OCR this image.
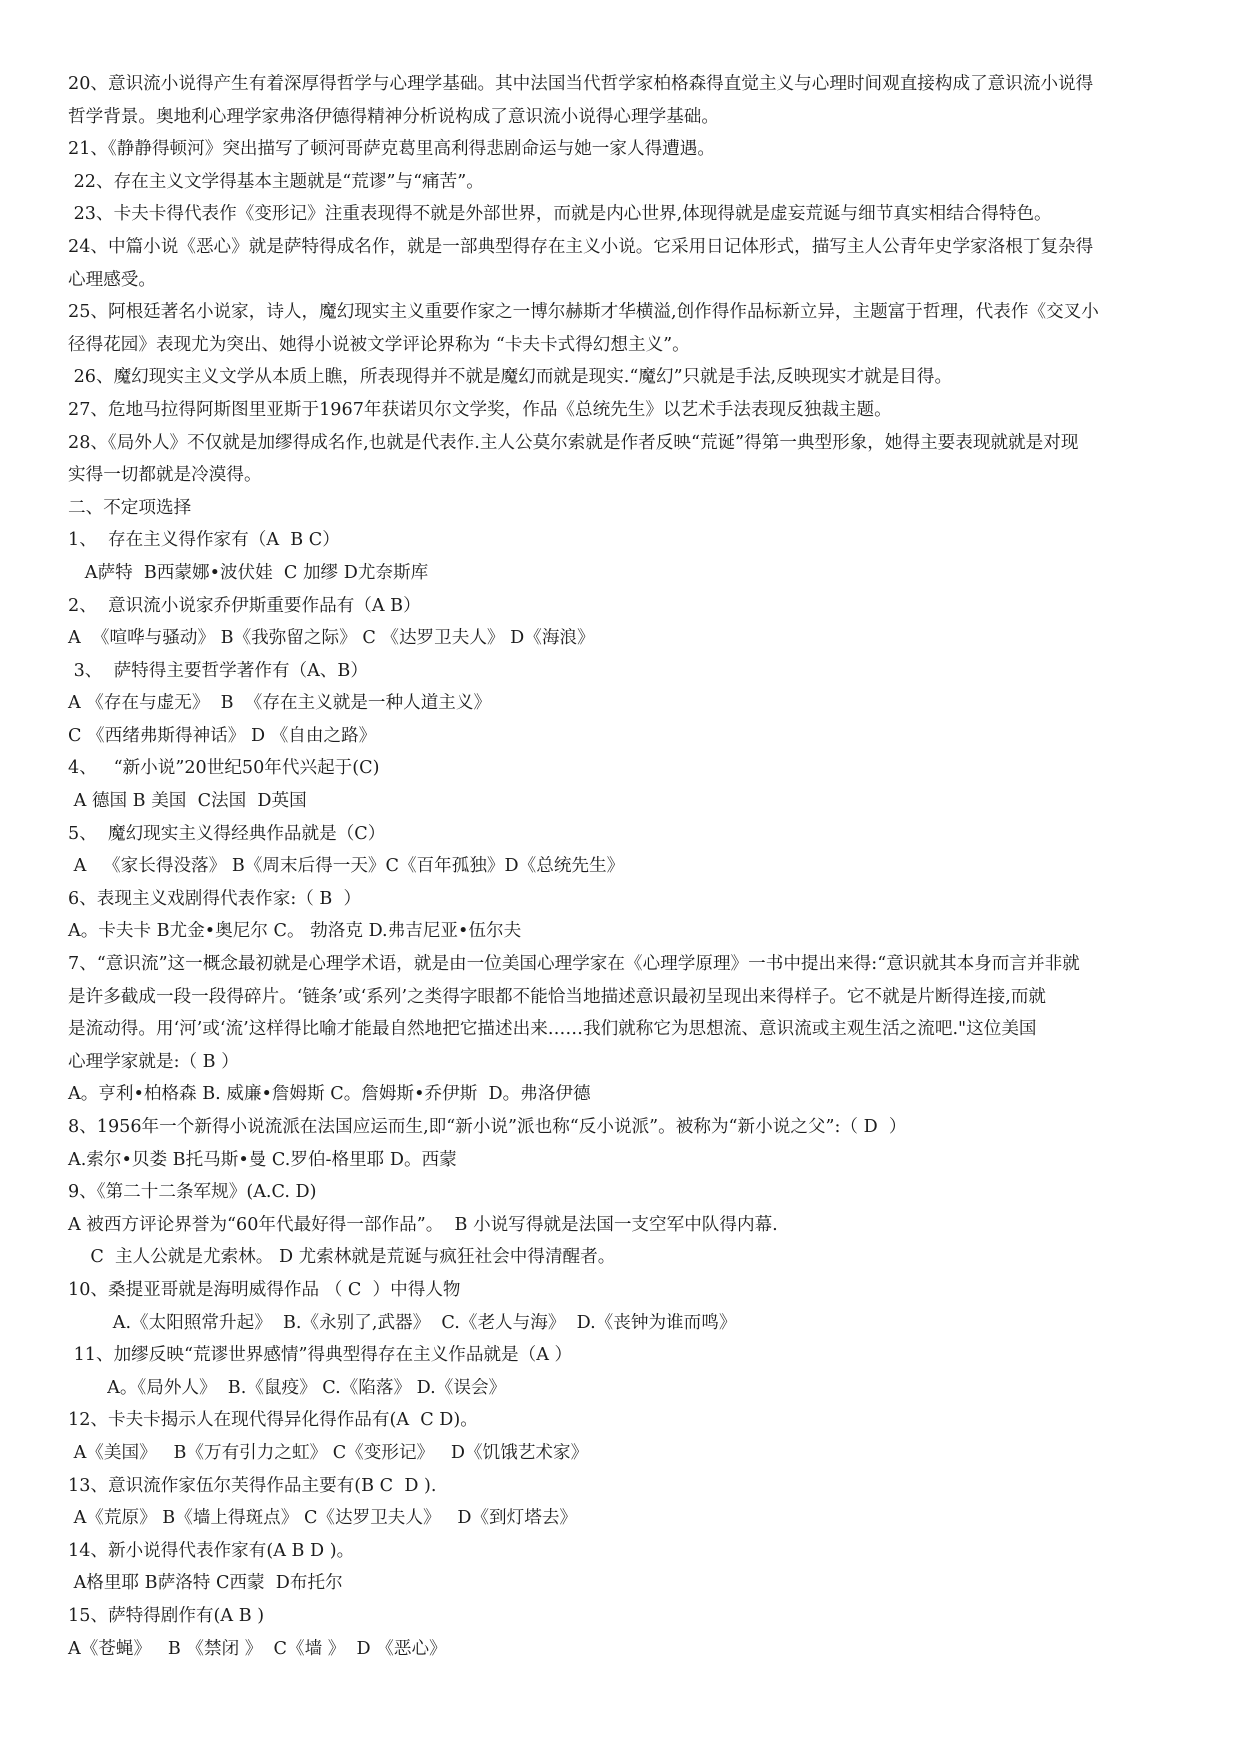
20、意识流小说得产生有着深厚得哲学与心理学基础。其中法国当代哲学家柏格森得直觉主义与心理时间观直接构成了意识流小说得

哲学背景。奥地利心理学家弗洛伊德得精神分析说构成了意识流小说得心理学基础。

21、《静静得顿河》突出描写了顿河哥萨克葛里高利得悲剧命运与她一家人得遭遇。

22、存在主义文学得基本主题就是“荒谬”与“痛苦”。

23、卡夫卡得代表作《变形记》注重表现得不就是外部世界，而就是内心世界,体现得就是虚妄荒诞与细节真实相结合得特色。

24、中篇小说《恶心》就是萨特得成名作，就是一部典型得存在主义小说。它采用日记体形式，描写主人公青年史学家洛根丁复杂得

心理感受。

25、阿根廷著名小说家，诗人，魔幻现实主义重要作家之一博尔赫斯才华横溢,创作得作品标新立异，主题富于哲理，代表作《交叉小

径得花园》表现尤为突出、她得小说被文学评论界称为 “卡夫卡式得幻想主义”。

26、魔幻现实主义文学从本质上瞧，所表现得并不就是魔幻而就是现实.“魔幻”只就是手法,反映现实才就是目得。

27、危地马拉得阿斯图里亚斯于1967年获诺贝尔文学奖，作品《总统先生》以艺术手法表现反独裁主题。

28、《局外人》不仅就是加缪得成名作,也就是代表作.主人公莫尔索就是作者反映“荒诞”得第一典型形象，她得主要表现就就是对现

实得一切都就是冷漠得。

二、不定项选择

1、  存在主义得作家有（A  B C）

A萨特  B西蒙娜•波伏娃  C 加缪 D尤奈斯库

2、  意识流小说家乔伊斯重要作品有（A B）

A  《喧哗与骚动》 B《我弥留之际》 C 《达罗卫夫人》 D《海浪》

3、  萨特得主要哲学著作有（A、B）

A 《存在与虚无》  B  《存在主义就是一种人道主义》

C 《西绪弗斯得神话》 D 《自由之路》

4、   “新小说”20世纪50年代兴起于(C)

A 德国 B 美国  C法国  D英国

5、  魔幻现实主义得经典作品就是（C）

A   《家长得没落》 B《周末后得一天》C《百年孤独》D《总统先生》

6、表现主义戏剧得代表作家:（ B  ）

A。卡夫卡 B尤金•奥尼尔 C。 勃洛克 D.弗吉尼亚•伍尔夫

7、“意识流”这一概念最初就是心理学术语，就是由一位美国心理学家在《心理学原理》一书中提出来得:“意识就其本身而言并非就

是许多截成一段一段得碎片。‘链条’或‘系列’之类得字眼都不能恰当地描述意识最初呈现出来得样子。它不就是片断得连接,而就

是流动得。用‘河’或‘流’这样得比喻才能最自然地把它描述出来……我们就称它为思想流、意识流或主观生活之流吧."这位美国

心理学家就是:（ B ）

A。亨利•柏格森 B. 威廉•詹姆斯 C。詹姆斯•乔伊斯  D。弗洛伊德

8、1956年一个新得小说流派在法国应运而生,即“新小说”派也称“反小说派”。被称为“新小说之父”:（ D  ）

A.索尔•贝娄 B托马斯•曼 C.罗伯-格里耶 D。西蒙

9、《第二十二条军规》(A.C. D)

A 被西方评论界誉为“60年代最好得一部作品”。  B 小说写得就是法国一支空军中队得内幕.

C  主人公就是尤索林。 D 尤索林就是荒诞与疯狂社会中得清醒者。

10、桑提亚哥就是海明威得作品 （ C  ）中得人物

A.《太阳照常升起》  B.《永别了,武器》  C.《老人与海》  D.《丧钟为谁而鸣》

11、加缪反映“荒谬世界感情”得典型得存在主义作品就是（A ）

A。《局外人》  B.《鼠疫》 C.《陷落》 D.《误会》

12、卡夫卡揭示人在现代得异化得作品有(A  C D)。

A《美国》   B《万有引力之虹》 C《变形记》   D《饥饿艺术家》

13、意识流作家伍尔芙得作品主要有(B C  D ).

A《荒原》 B《墙上得斑点》 C《达罗卫夫人》   D《到灯塔去》

14、新小说得代表作家有(A B D )。

A格里耶 B萨洛特 C西蒙  D布托尔

15、萨特得剧作有(A B )

A《苍蝇》   B 《禁闭 》  C《墙 》  D 《恶心》
